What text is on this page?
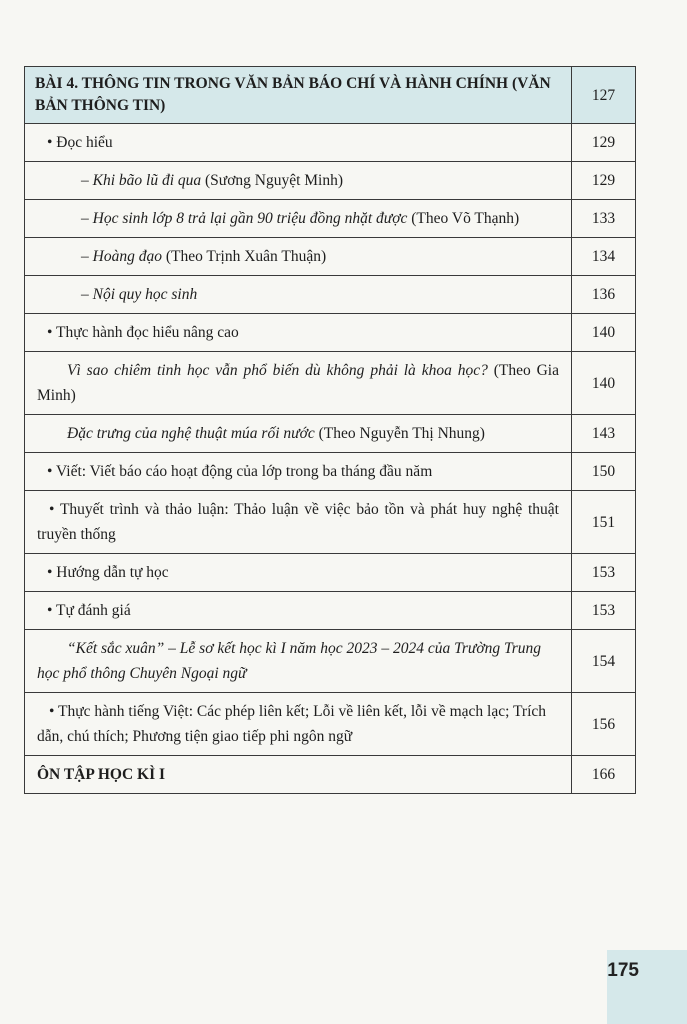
BÀI 4. THÔNG TIN TRONG VĂN BẢN BÁO CHÍ VÀ HÀNH CHÍNH (VĂN BẢN THÔNG TIN)	127
• Đọc hiểu	129
– Khi bão lũ đi qua (Sương Nguyệt Minh)	129
– Học sinh lớp 8 trả lại gần 90 triệu đồng nhặt được (Theo Võ Thạnh)	133
– Hoàng đạo (Theo Trịnh Xuân Thuận)	134
– Nội quy học sinh	136
• Thực hành đọc hiểu nâng cao	140
Vì sao chiêm tinh học vẫn phổ biến dù không phải là khoa học? (Theo Gia Minh)	140
Đặc trưng của nghệ thuật múa rối nước (Theo Nguyễn Thị Nhung)	143
• Viết: Viết báo cáo hoạt động của lớp trong ba tháng đầu năm	150
• Thuyết trình và thảo luận: Thảo luận về việc bảo tồn và phát huy nghệ thuật truyền thống	151
• Hướng dẫn tự học	153
• Tự đánh giá	153
“Kết sắc xuân” – Lễ sơ kết học kì I năm học 2023 – 2024 của Trường Trung học phổ thông Chuyên Ngoại ngữ	154
• Thực hành tiếng Việt: Các phép liên kết; Lỗi về liên kết, lỗi về mạch lạc; Trích dẫn, chú thích; Phương tiện giao tiếp phi ngôn ngữ	156
ÔN TẬP HỌC KÌ I	166
175
